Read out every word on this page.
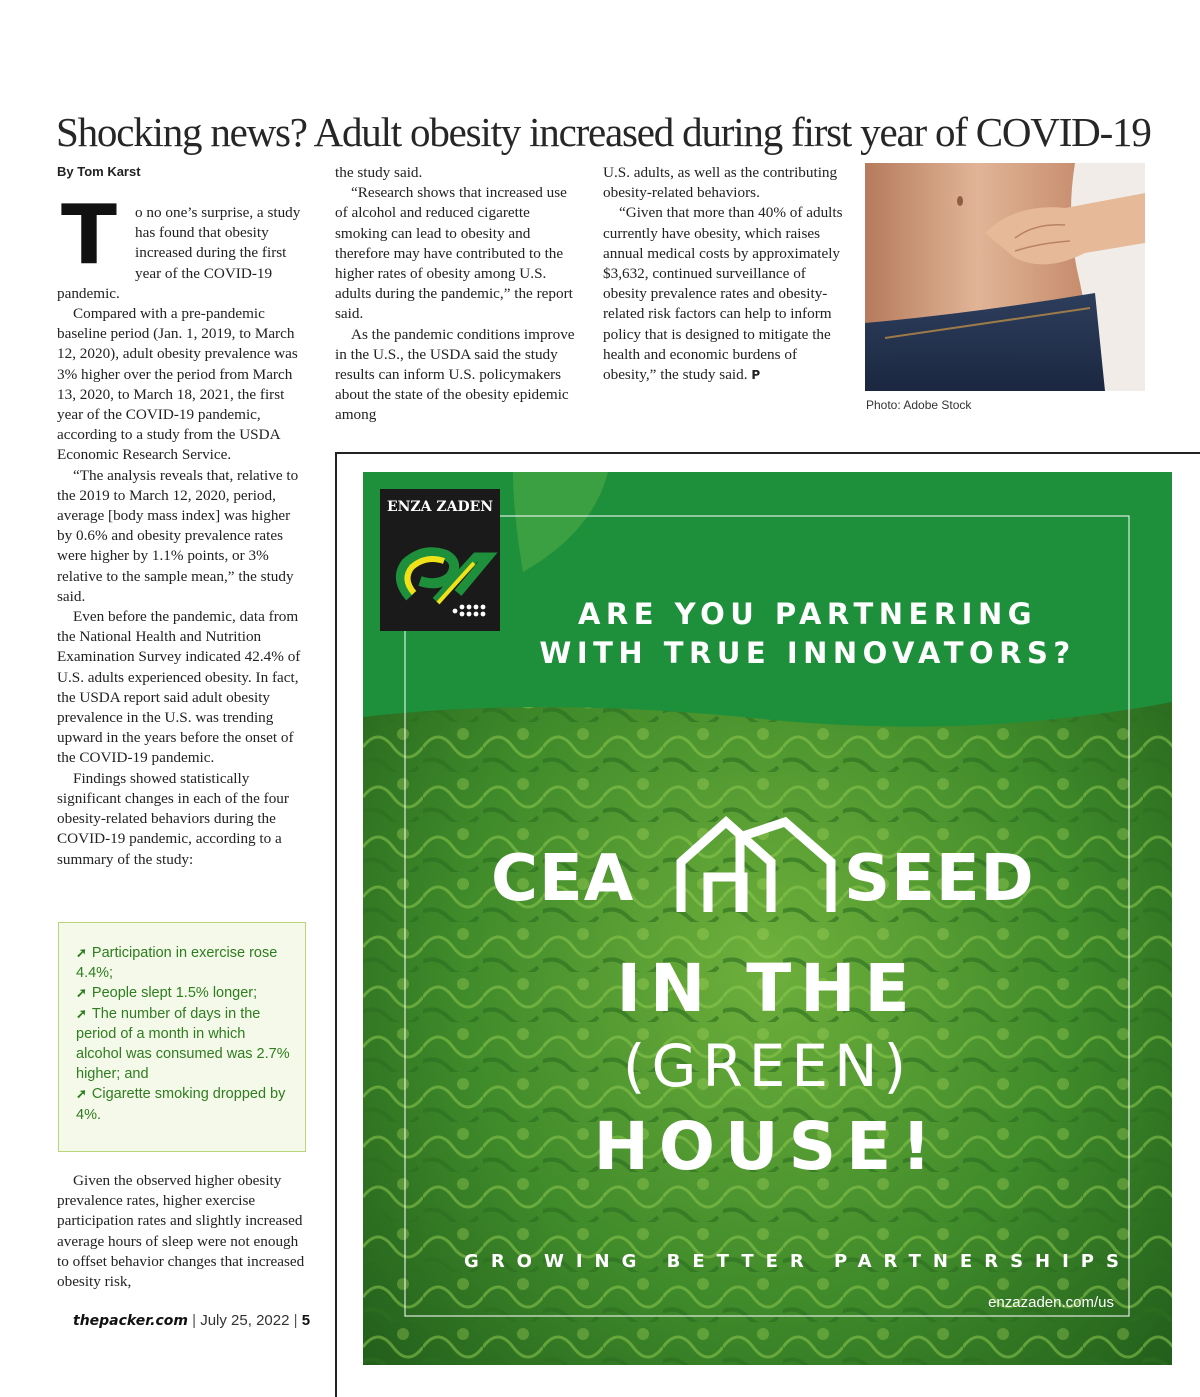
Shocking news? Adult obesity increased during first year of COVID-19
By Tom Karst
T	o no one’s surprise, a study has found that obesity increased during the first year of the COVID-19 pandemic.

Compared with a pre-pandemic baseline period (Jan. 1, 2019, to March 12, 2020), adult obesity prevalence was 3% higher over the period from March 13, 2020, to March 18, 2021, the first year of the COVID-19 pandemic, according to a study from the USDA Economic Research Service.

“The analysis reveals that, relative to the 2019 to March 12, 2020, period, average [body mass index] was higher by 0.6% and obesity prevalence rates were higher by 1.1% points, or 3% relative to the sample mean,” the study said.

Even before the pandemic, data from the National Health and Nutrition Examination Survey indicated 42.4% of U.S. adults experienced obesity. In fact, the USDA report said adult obesity prevalence in the U.S. was trending upward in the years before the onset of the COVID-19 pandemic.

Findings showed statistically significant changes in each of the four obesity-related behaviors during the COVID-19 pandemic, according to a summary of the study:

➚ Participation in exercise rose 4.4%;
➚ People slept 1.5% longer;
➚ The number of days in the period of a month in which alcohol was consumed was 2.7% higher; and
➚ Cigarette smoking dropped by 4%.

Given the observed higher obesity prevalence rates, higher exercise participation rates and slightly increased average hours of sleep were not enough to offset behavior changes that increased obesity risk,

the study said.

“Research shows that increased use of alcohol and reduced cigarette smoking can lead to obesity and therefore may have contributed to the higher rates of obesity among U.S. adults during the pandemic,” the report said.

As the pandemic conditions improve in the U.S., the USDA said the study results can inform U.S. policymakers about the state of the obesity epidemic among

U.S. adults, as well as the contributing obesity-related behaviors.

“Given that more than 40% of adults currently have obesity, which raises annual medical costs by approximately $3,632, continued surveillance of obesity prevalence rates and obesity-related risk factors can help to inform policy that is designed to mitigate the health and economic burdens of obesity,” the study said. P

Photo: Adobe Stock
thepacker.com | July 25, 2022 | 5
ENZA ZADEN
ARE YOU PARTNERING
WITH TRUE INNOVATORS?
CEA	SEED
IN THE
(GREEN)
HOUSE!
GROWING BETTER PARTNERSHIPS
enzazaden.com/us
